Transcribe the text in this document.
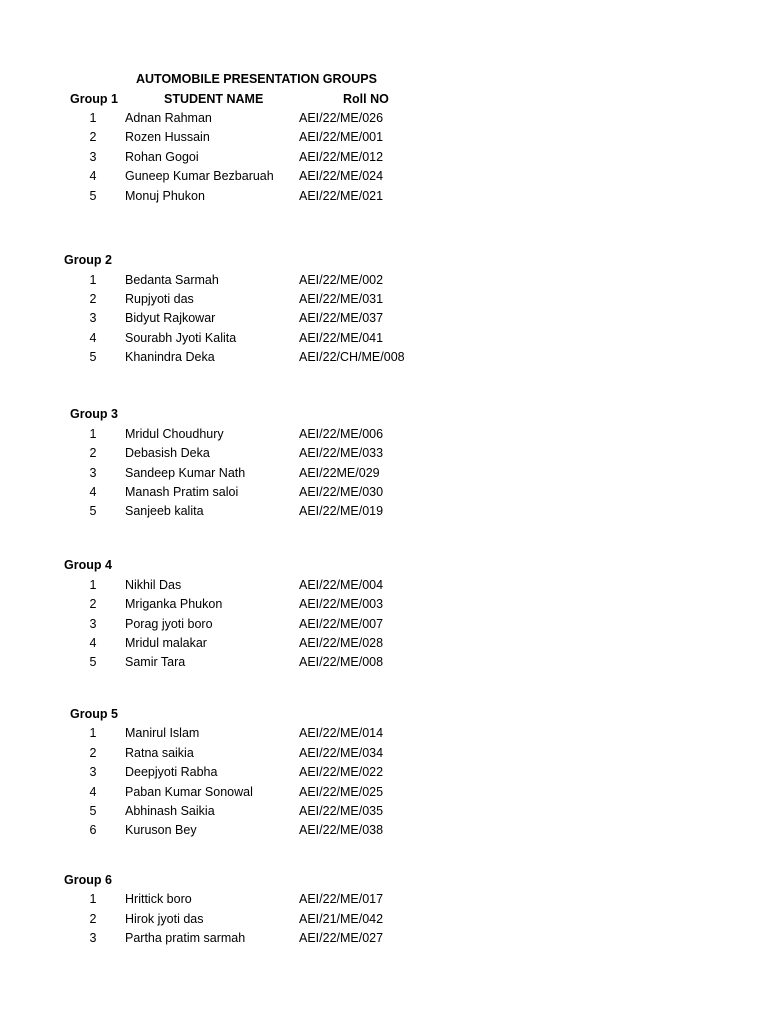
AUTOMOBILE PRESENTATION GROUPS
Group 1	STUDENT NAME	Roll NO
1	Adnan Rahman	AEI/22/ME/026
2	Rozen Hussain	AEI/22/ME/001
3	Rohan Gogoi	AEI/22/ME/012
4	Guneep Kumar Bezbaruah AEI/22/ME/024
5	Monuj Phukon	AEI/22/ME/021
Group 2
1	Bedanta Sarmah	AEI/22/ME/002
2	Rupjyoti das	AEI/22/ME/031
3	Bidyut Rajkowar	AEI/22/ME/037
4	Sourabh Jyoti Kalita	AEI/22/ME/041
5	Khanindra Deka	AEI/22/CH/ME/008
Group 3
1	Mridul Choudhury	AEI/22/ME/006
2	Debasish Deka	AEI/22/ME/033
3	Sandeep Kumar Nath	AEI/22ME/029
4	Manash Pratim saloi	AEI/22/ME/030
5	Sanjeeb kalita	AEI/22/ME/019
Group 4
1	Nikhil Das	AEI/22/ME/004
2	Mriganka Phukon	AEI/22/ME/003
3	Porag jyoti boro	AEI/22/ME/007
4	Mridul malakar	AEI/22/ME/028
5	Samir Tara	AEI/22/ME/008
Group 5
1	Manirul Islam	AEI/22/ME/014
2	Ratna saikia	AEI/22/ME/034
3	Deepjyoti Rabha	AEI/22/ME/022
4	Paban Kumar Sonowal	AEI/22/ME/025
5	Abhinash Saikia	AEI/22/ME/035
6	Kuruson Bey	AEI/22/ME/038
Group 6
1	Hrittick boro	AEI/22/ME/017
2	Hirok jyoti das	AEI/21/ME/042
3	Partha pratim sarmah	AEI/22/ME/027
